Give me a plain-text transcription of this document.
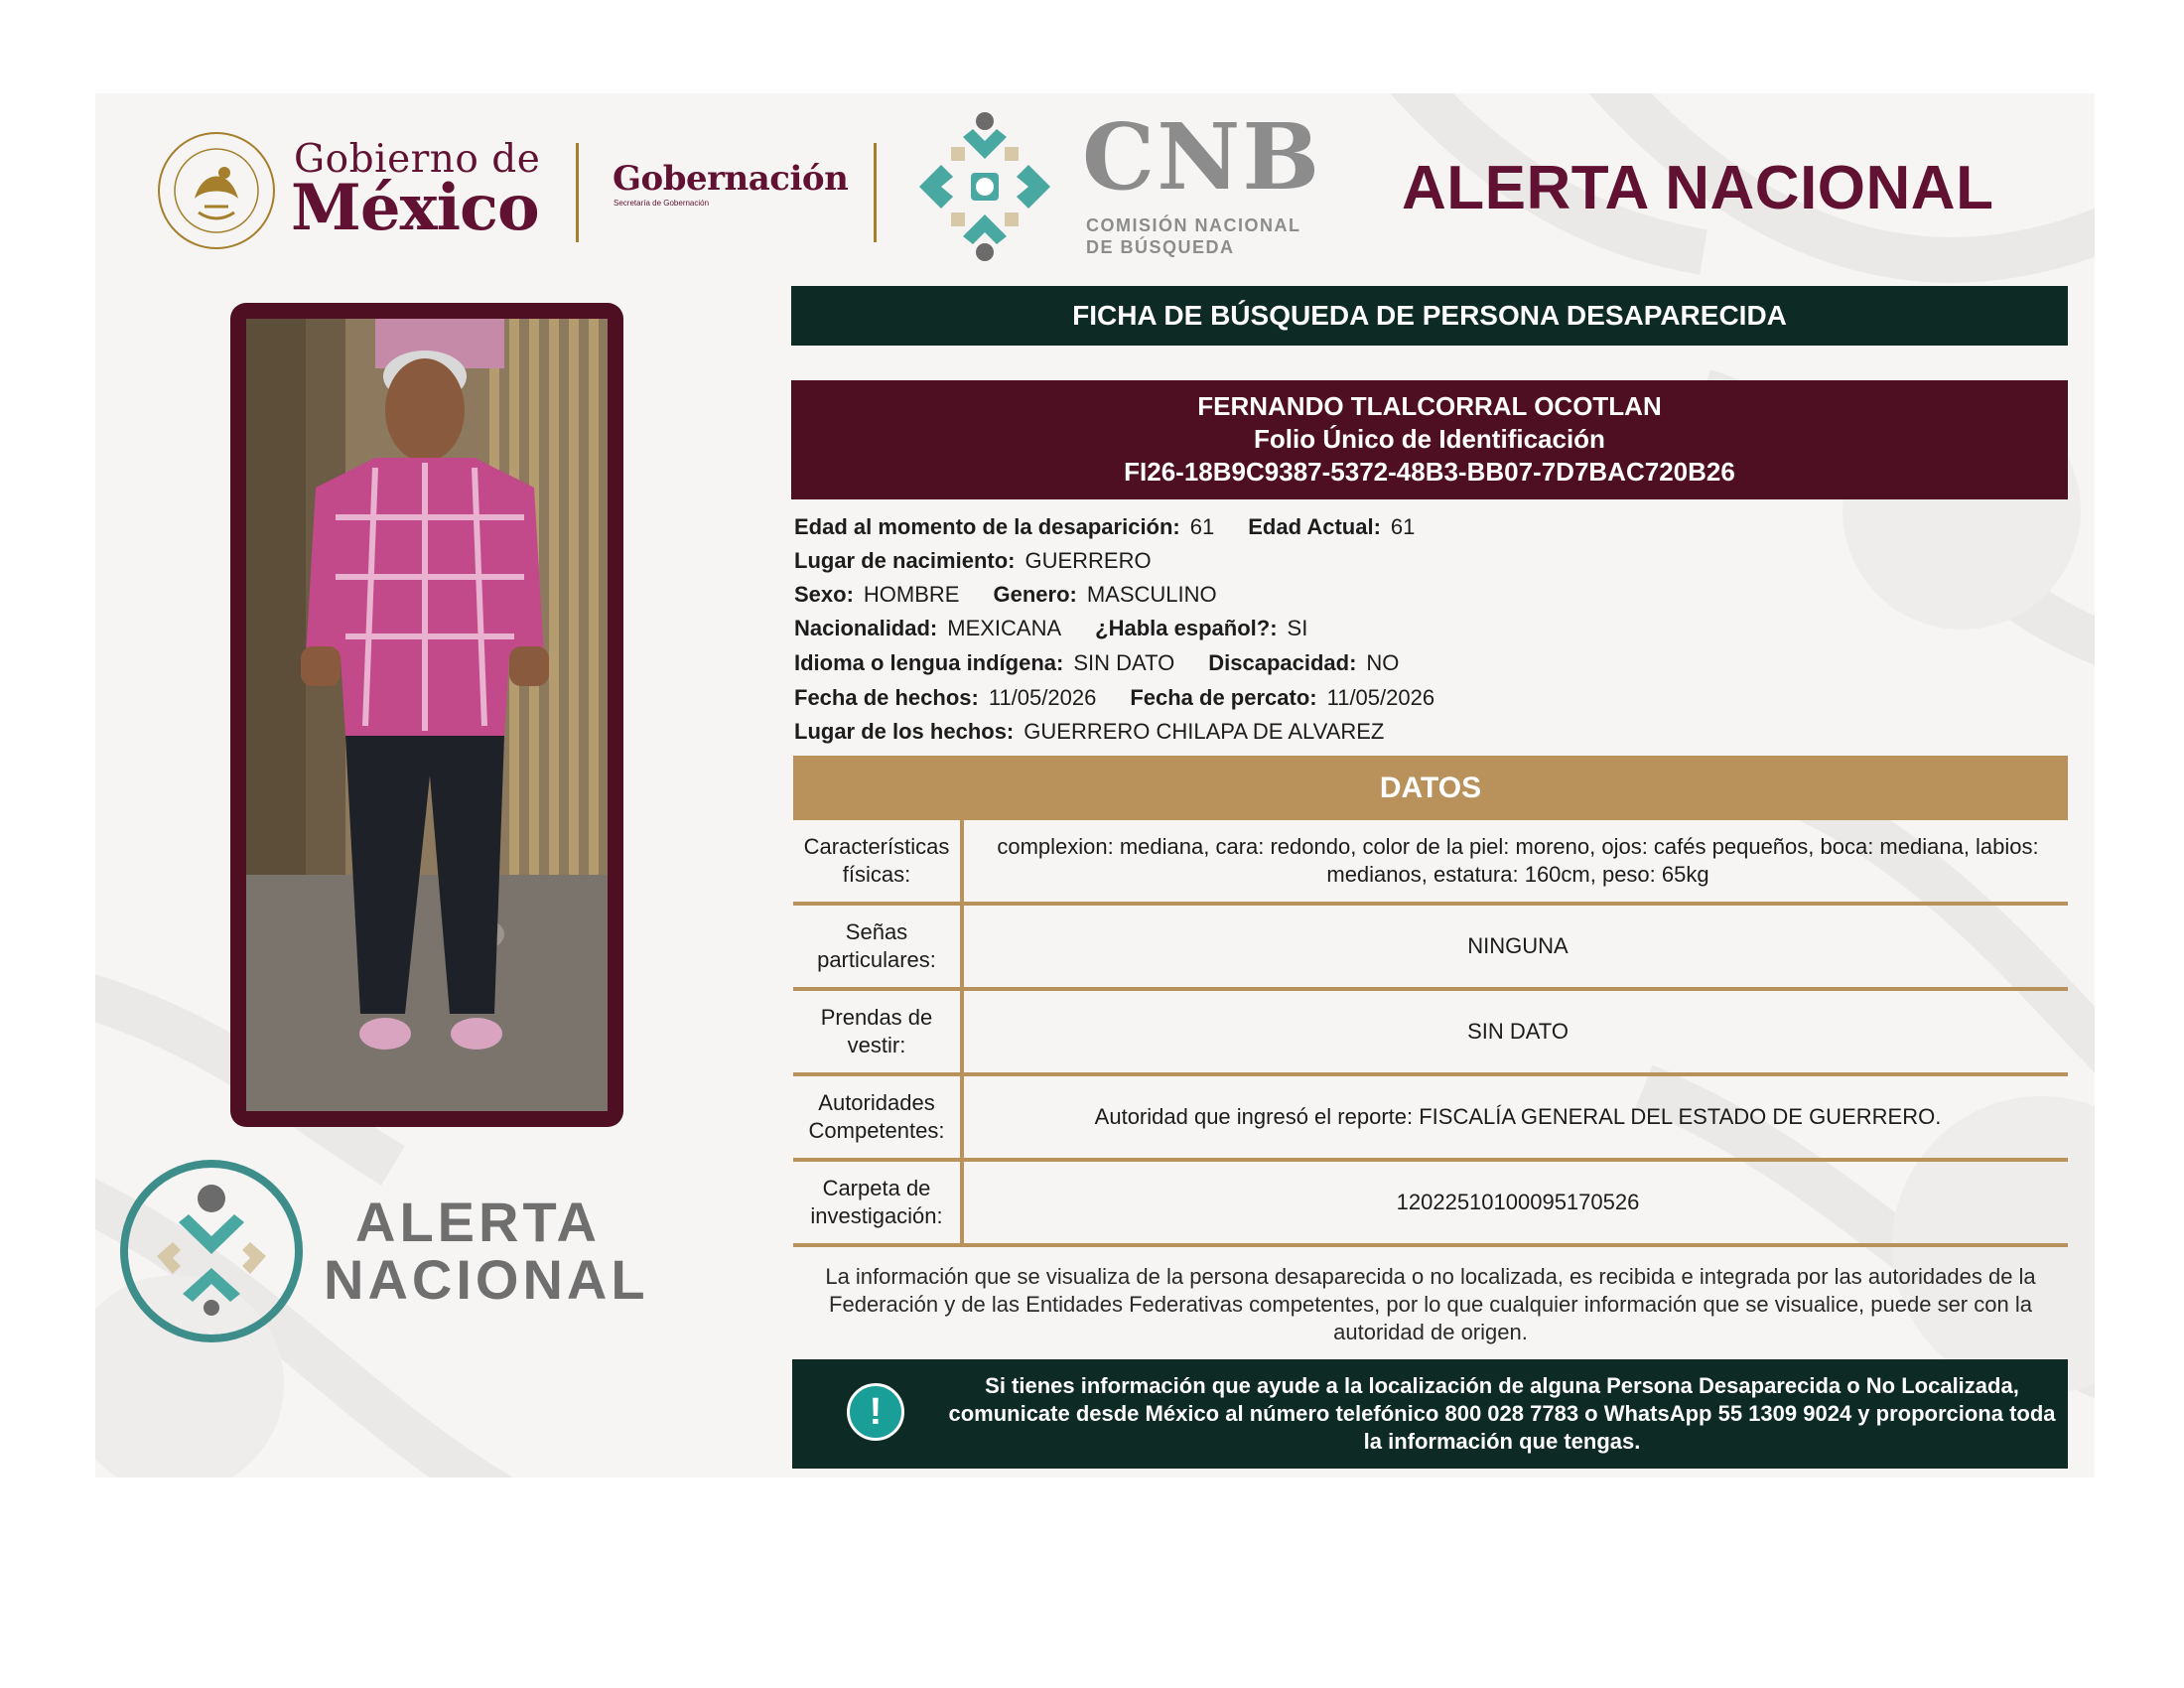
Gobierno de
México Gobernación
Secretaría de Gobernación	CNB
COMISIÓN NACIONAL
DE BÚSQUEDA
ALERTA NACIONAL
ALERTA
NACIONAL
FICHA DE BÚSQUEDA DE PERSONA DESAPARECIDA
FERNANDO TLALCORRAL OCOTLAN
Folio Único de Identificación
FI26-18B9C9387-5372-48B3-BB07-7D7BAC720B26
Edad al momento de la desaparición: 61 Edad Actual: 61
Lugar de nacimiento: GUERRERO
Sexo: HOMBRE Genero: MASCULINO
Nacionalidad: MEXICANA ¿Habla español?: SI
Idioma o lengua indígena: SIN DATO Discapacidad: NO
Fecha de hechos: 11/05/2026 Fecha de percato: 11/05/2026
Lugar de los hechos: GUERRERO CHILAPA DE ALVAREZ
DATOS
Características físicas:
complexion: mediana, cara: redondo, color de la piel: moreno, ojos: cafés pequeños, boca: mediana, labios: medianos, estatura: 160cm, peso: 65kg
Señas particulares:
NINGUNA
Prendas de vestir:
SIN DATO
Autoridades Competentes:
Autoridad que ingresó el reporte: FISCALÍA GENERAL DEL ESTADO DE GUERRERO.
Carpeta de investigación:
12022510100095170526
La información que se visualiza de la persona desaparecida o no localizada, es recibida e integrada por las autoridades de la Federación y de las Entidades Federativas competentes, por lo que cualquier información que se visualice, puede ser con la autoridad de origen.
!
Si tienes información que ayude a la localización de alguna Persona Desaparecida o No Localizada, comunicate desde México al número telefónico 800 028 7783 o WhatsApp 55 1309 9024 y proporciona toda la información que tengas.
